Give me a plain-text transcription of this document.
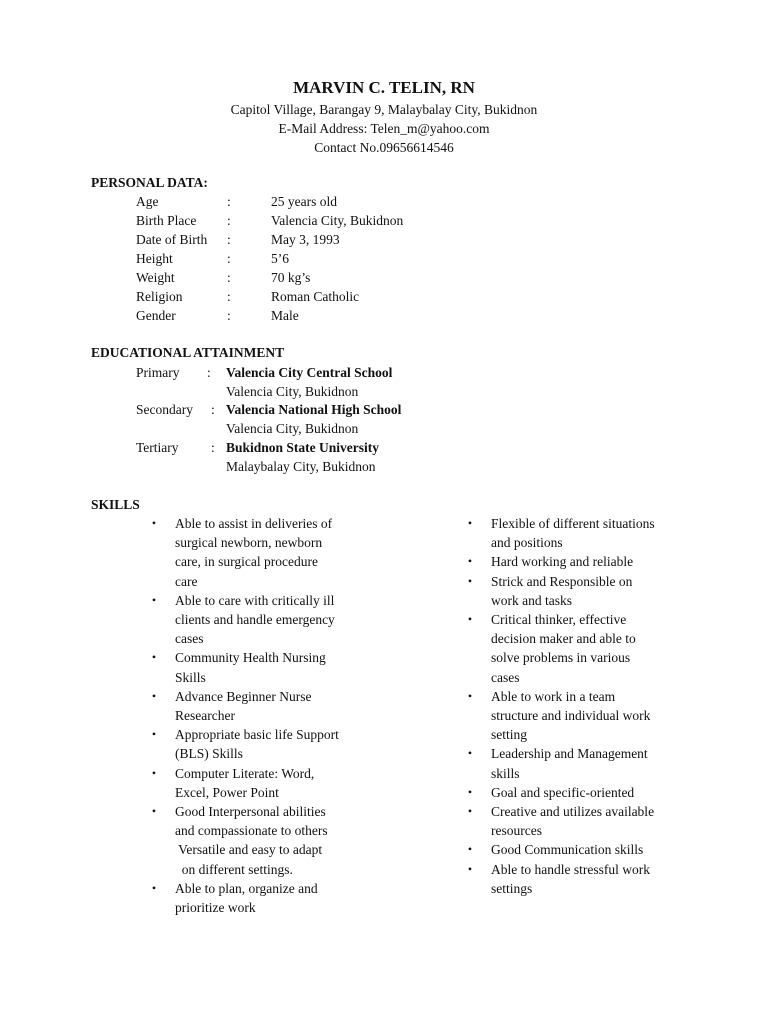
MARVIN C. TELIN, RN
Capitol Village, Barangay 9, Malaybalay City, Bukidnon
E-Mail Address: Telen_m@yahoo.com
Contact No.09656614546
PERSONAL DATA:
Age	:	25 years old
Birth Place :	Valencia City, Bukidnon
Date of Birth :	May 3, 1993
Height	:	5’6
Weight	:	70 kg’s
Religion	:	Roman Catholic
Gender	:	Male
EDUCATIONAL ATTAINMENT
Primary : Valencia City Central School
Valencia City, Bukidnon
Secondary : Valencia National High School
Valencia City, Bukidnon
Tertiary : Bukidnon State University
Malaybalay City, Bukidnon
SKILLS
• Able to assist in deliveries of
surgical newborn, newborn
care, in surgical procedure
care
• Able to care with critically ill
clients and handle emergency
cases
• Community Health Nursing
Skills
• Advance Beginner Nurse
Researcher
• Appropriate basic life Support
(BLS) Skills
• Computer Literate: Word,
Excel, Power Point
• Good Interpersonal abilities
and compassionate to others
Versatile and easy to adapt
on different settings.
• Able to plan, organize and
prioritize work
• Flexible of different situations
and positions
• Hard working and reliable
• Strick and Responsible on
work and tasks
• Critical thinker, effective
decision maker and able to
solve problems in various
cases
• Able to work in a team
structure and individual work
setting
• Leadership and Management
skills
• Goal and specific-oriented
• Creative and utilizes available
resources
• Good Communication skills
• Able to handle stressful work
settings
